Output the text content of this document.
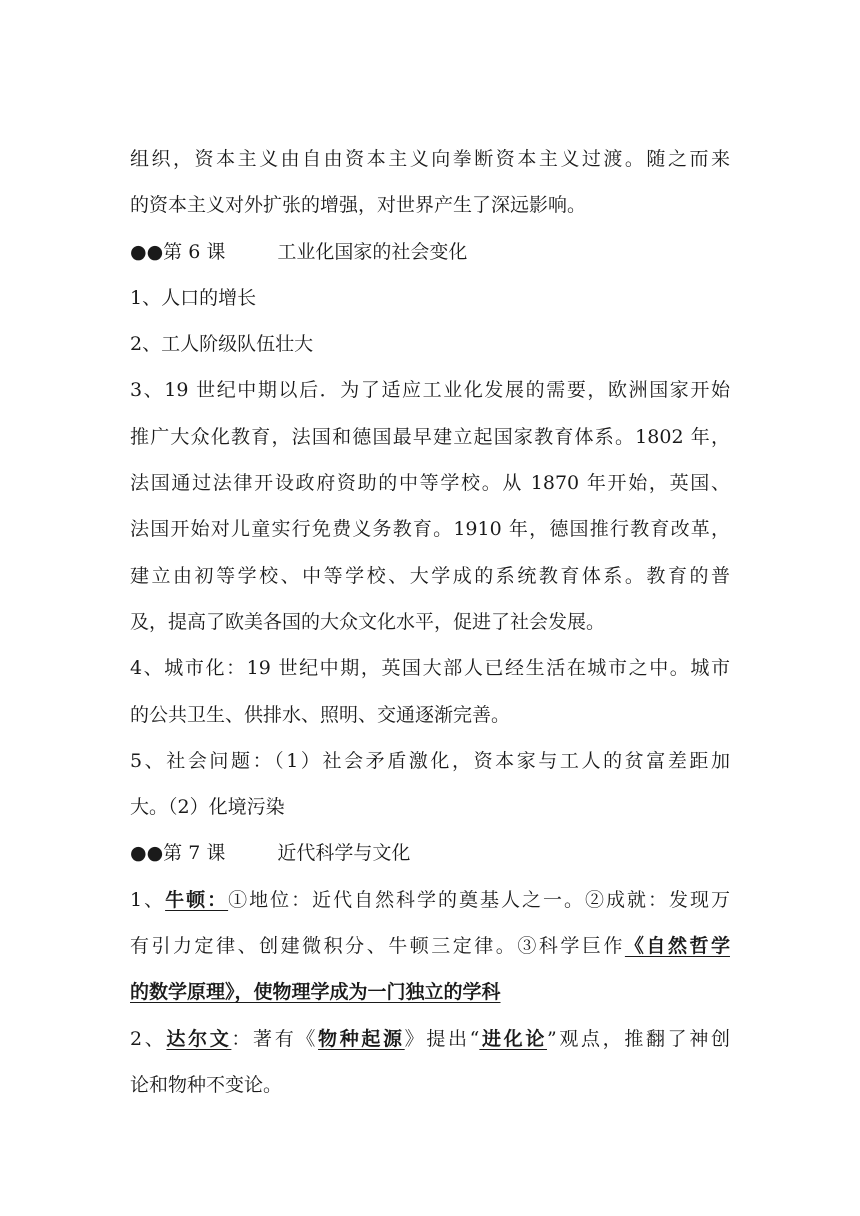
组织，资本主义由自由资本主义向拳断资本主义过渡。随之而来
的资本主义对外扩张的增强，对世界产生了深远影响。
●●第 6 课	工业化国家的社会变化
1、人口的增长
2、工人阶级队伍壮大
3、19 世纪中期以后．为了适应工业化发展的需要，欧洲国家开始
推广大众化教育，法国和德国最早建立起国家教育体系。1802 年，
法国通过法律开设政府资助的中等学校。从 1870 年开始，英国、
法国开始对儿童实行免费义务教育。1910 年，德国推行教育改革，
建立由初等学校、中等学校、大学成的系统教育体系。教育的普
及，提高了欧美各国的大众文化水平，促进了社会发展。
4、城市化：19 世纪中期，英国大部人已经生活在城市之中。城市
的公共卫生、供排水、照明、交通逐渐完善。
5、社会问题：（1）社会矛盾激化，资本家与工人的贫富差距加
大。（2）化境污染
●●第 7 课	近代科学与文化
1、牛顿：①地位：近代自然科学的奠基人之一。②成就：发现万
有引力定律、创建微积分、牛顿三定律。③科学巨作《自然哲学
的数学原理》，使物理学成为一门独立的学科
2、达尔文：著有《物种起源》提出“进化论”观点，推翻了神创
论和物种不变论。
